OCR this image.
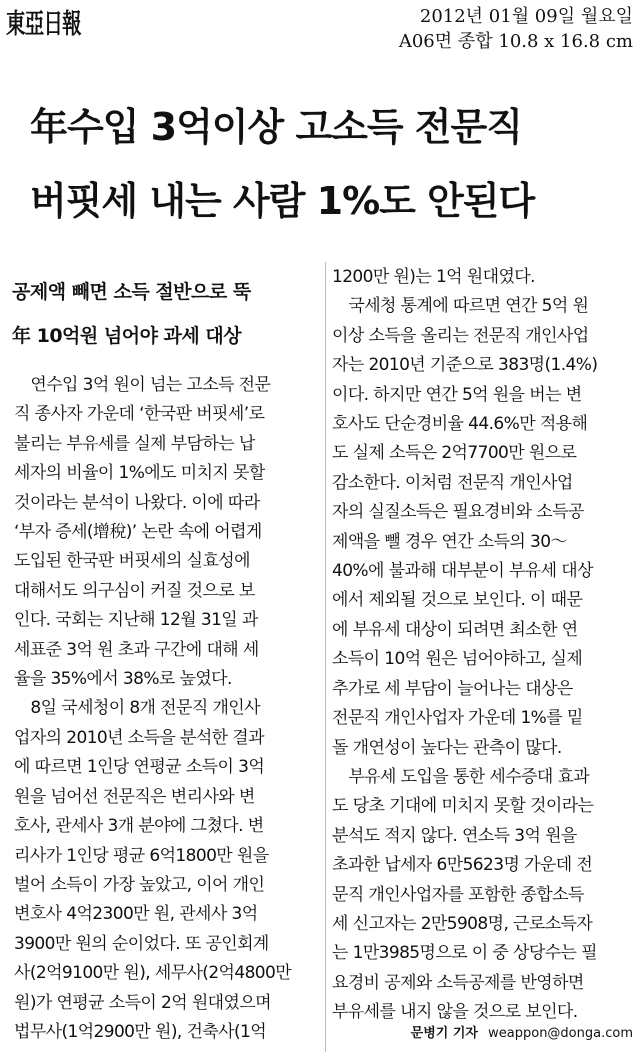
東亞日報	2012년 01월 09일 월요일
A06면 종합 10.8 x 16.8 cm
年수입 3억이상 고소득 전문직
버핏세 내는 사람 1%도 안된다
공제액 빼면 소득 절반으로 뚝
年 10억원 넘어야 과세 대상
　연수입 3억 원이 넘는 고소득 전문
직 종사자 가운데 ‘한국판 버핏세’로
불리는 부유세를 실제 부담하는 납
세자의 비율이 1%에도 미치지 못할
것이라는 분석이 나왔다. 이에 따라
‘부자 증세(增稅)’ 논란 속에 어렵게
도입된 한국판 버핏세의 실효성에
대해서도 의구심이 커질 것으로 보
인다. 국회는 지난해 12월 31일 과
세표준 3억 원 초과 구간에 대해 세
율을 35%에서 38%로 높였다.
　8일 국세청이 8개 전문직 개인사
업자의 2010년 소득을 분석한 결과
에 따르면 1인당 연평균 소득이 3억
원을 넘어선 전문직은 변리사와 변
호사, 관세사 3개 분야에 그쳤다. 변
리사가 1인당 평균 6억1800만 원을
벌어 소득이 가장 높았고, 이어 개인
변호사 4억2300만 원, 관세사 3억
3900만 원의 순이었다. 또 공인회계
사(2억9100만 원), 세무사(2억4800만
원)가 연평균 소득이 2억 원대였으며
법무사(1억2900만 원), 건축사(1억
1200만 원)는 1억 원대였다.
　국세청 통계에 따르면 연간 5억 원
이상 소득을 올리는 전문직 개인사업
자는 2010년 기준으로 383명(1.4%)
이다. 하지만 연간 5억 원을 버는 변
호사도 단순경비율 44.6%만 적용해
도 실제 소득은 2억7700만 원으로
감소한다. 이처럼 전문직 개인사업
자의 실질소득은 필요경비와 소득공
제액을 뺄 경우 연간 소득의 30～
40%에 불과해 대부분이 부유세 대상
에서 제외될 것으로 보인다. 이 때문
에 부유세 대상이 되려면 최소한 연
소득이 10억 원은 넘어야하고, 실제
추가로 세 부담이 늘어나는 대상은
전문직 개인사업자 가운데 1%를 밑
돌 개연성이 높다는 관측이 많다.
　부유세 도입을 통한 세수증대 효과
도 당초 기대에 미치지 못할 것이라는
분석도 적지 않다. 연소득 3억 원을
초과한 납세자 6만5623명 가운데 전
문직 개인사업자를 포함한 종합소득
세 신고자는 2만5908명, 근로소득자
는 1만3985명으로 이 중 상당수는 필
요경비 공제와 소득공제를 반영하면
부유세를 내지 않을 것으로 보인다.
문병기 기자 weappon@donga.com
